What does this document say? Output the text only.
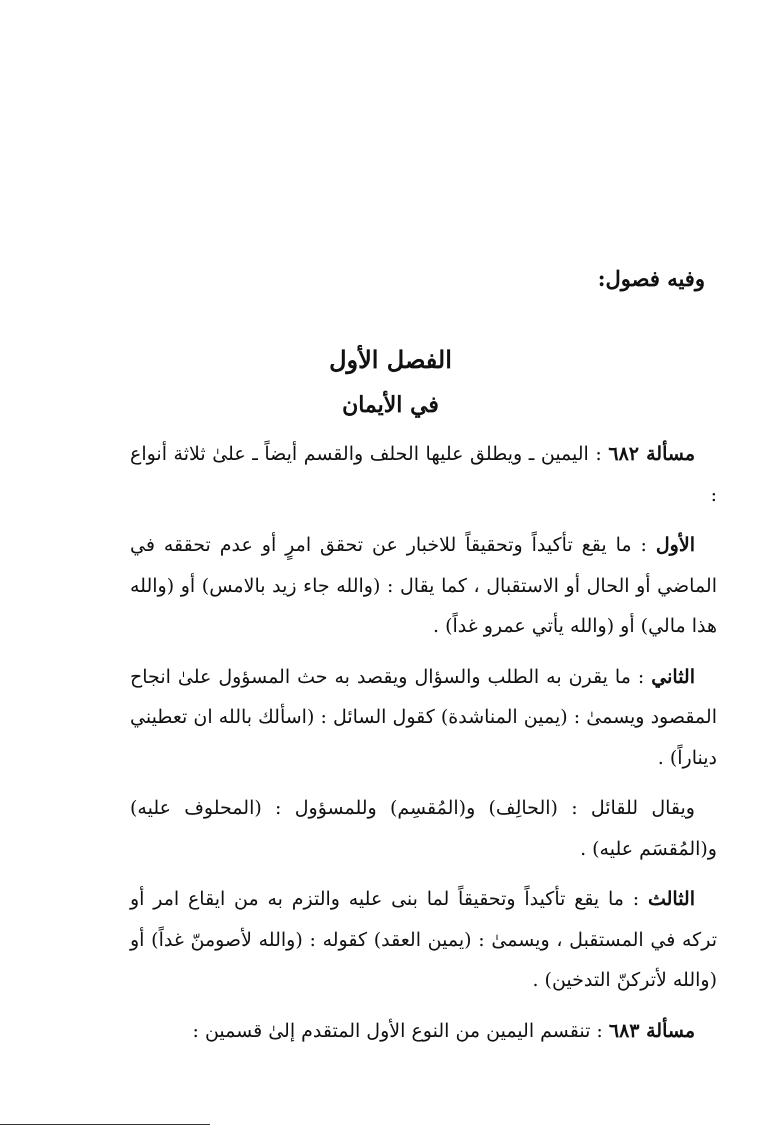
وفيه فصول:
الفصل الأول
في الأيمان

مسألة ٦٨٢ : اليمين ـ ويطلق عليها الحلف والقسم أيضاً ـ علىٰ ثلاثة أنواع :

الأول : ما يقع تأكيداً وتحقيقاً للاخبار عن تحقق امرٍ أو عدم تحققه في الماضي أو الحال أو الاستقبال ، كما يقال : (والله جاء زيد بالامس) أو (والله هذا مالي) أو (والله يأتي عمرو غداً) .

الثاني : ما يقرن به الطلب والسؤال ويقصد به حث المسؤول علىٰ انجاح المقصود ويسمىٰ : (يمين المناشدة) كقول السائل : (اسألك بالله ان تعطيني ديناراً) .

ويقال للقائل : (الحالِف) و(المُقسِم) وللمسؤول : (المحلوف عليه) و(المُقسَم عليه) .

الثالث : ما يقع تأكيداً وتحقيقاً لما بنى عليه والتزم به من ايقاع امر أو تركه في المستقبل ، ويسمىٰ : (يمين العقد) كقوله : (والله لأصومنّ غداً) أو (والله لأتركنّ التدخين) .

مسألة ٦٨٣ : تنقسم اليمين من النوع الأول المتقدم إلىٰ قسمين :
